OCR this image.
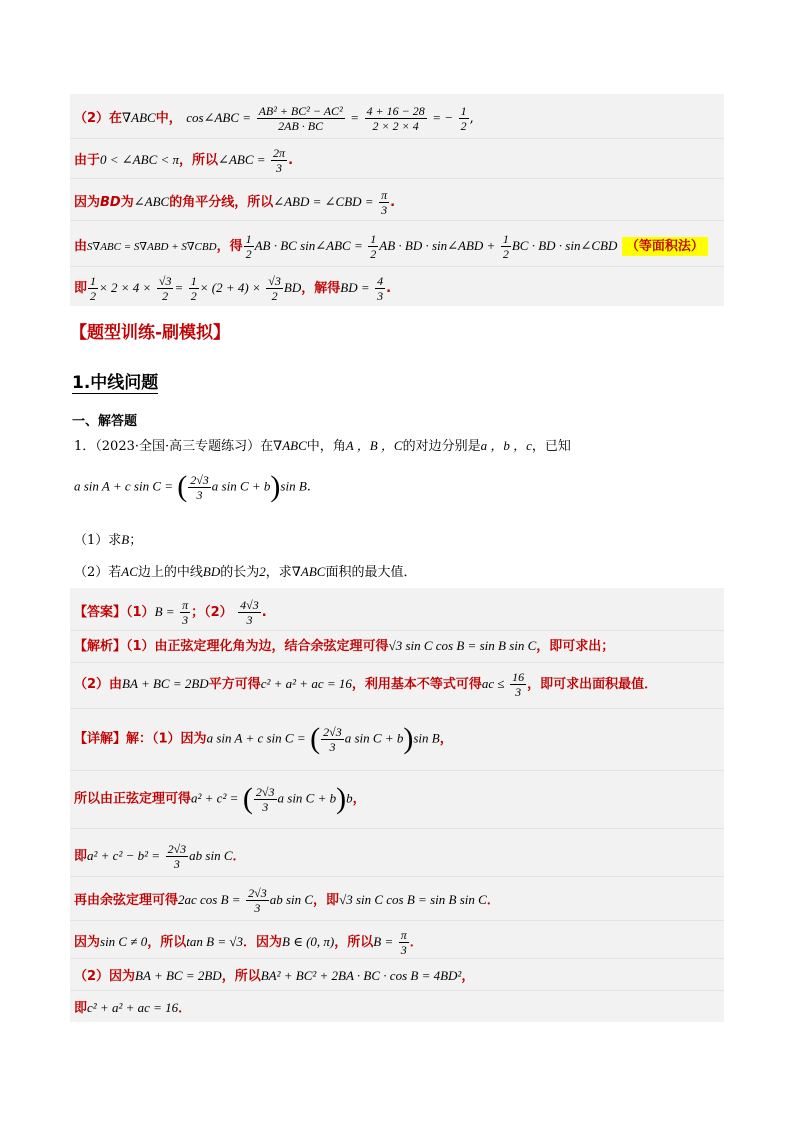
（2）在∇ABC中， cos∠ABC = $\frac{\text{AB² + BC² − AC²}}{2AB \cdot BC} = \frac{4 + 16 - 28}{2 \times 2 \times 4}$ = − $\frac{1}{2}$ ,
由于0 < ∠ABC < π，所以∠ABC = $\frac{2\pi}{3}$ .
因为BD为∠ABC的角平分线，所以∠ABD = ∠CBD = $\frac{\pi}{3}$ .
由S∇ABC = S∇ABD + S∇CBD，得 $\frac{1}{2}$ AB · BC sin∠ABC = $\frac{1}{2}$ AB · BD · sin∠ABD + $\frac{1}{2}$ BC · BD · sin∠CBD （等面积法）
即 $\frac{1}{2} \times 2 \times 4 \times \frac{√3}{2} = \frac{1}{2} \times (2 + 4) \times \frac{√3}{2}$ BD，解得BD = $\frac{4}{3}$ .
【题型训练-刷模拟】
1.中线问题
一、解答题
1．（2023·全国·高三专题练习）在∇ABC中，角A ，B ，C的对边分别是a ，b ，c，已知
a sin A + c sin C = ( $\frac{2√3}{3}$ a sin C + b)sin B.
（1）求B；
（2）若AC边上的中线BD的长为2，求∇ABC面积的最大值．
【答案】$(1)B = \frac{\pi}{3}$ ；$(2) \frac{4√3}{3}$ .
【解析】（1）由正弦定理化角为边，结合余弦定理可得√3 sin C cos B = sin B sin C，即可求出；
（2）由BA + BC = 2BD平方可得c² + a² + ac = 16，利用基本不等式可得ac ≤ $\frac{16}{3}$ ，即可求出面积最值．
【详解】解：（1）因为a sin A + c sin C = ( $\frac{2√3}{3}$ a sin C + b)sin B，
所以由正弦定理可得a² + c² = ( $\frac{2√3}{3}$ a sin C + b)b，
即$a^2 + c^2 - b^2 = \frac{2√3}{3}$ ab sin C．
再由余弦定理可得2ac $\cos B = \frac{2√3}{3}$ ab sin C，即√3 sin C cos B = sin B sin C．
因为sin C ≠ 0，所以tan B = √3．因为B ∈ (0, π)，所以$B = \frac{\pi}{3}$ ．
（2）因为BA + BC = 2BD，所以BA² + BC² + 2BA · BC · cos B = 4BD²，
即c² + a² + ac = 16．
